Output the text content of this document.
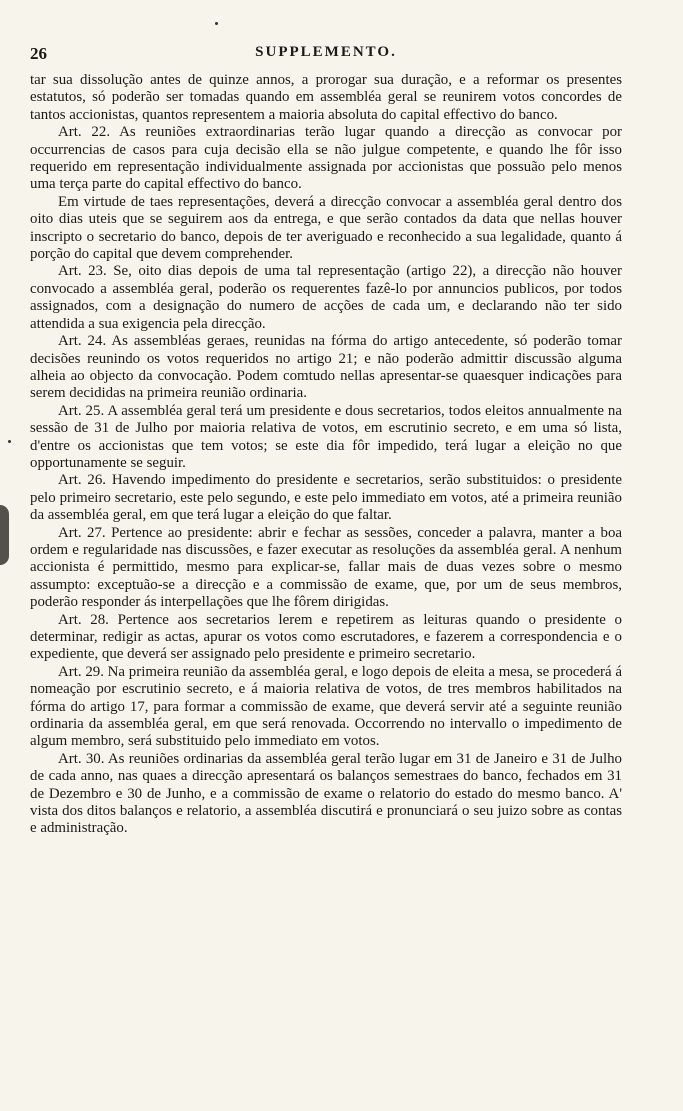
26	SUPPLEMENTO.

tar sua dissolução antes de quinze annos, a prorogar sua duração, e a reformar os presentes estatutos, só poderão ser tomadas quando em assembléa geral se reunirem votos concordes de tantos accionistas, quantos representem a maioria absoluta do capital effectivo do banco.

Art. 22. As reuniões extraordinarias terão lugar quando a direcção as convocar por occurrencias de casos para cuja decisão ella se não julgue competente, e quando lhe fôr isso requerido em representação individualmente assignada por accionistas que possuão pelo menos uma terça parte do capital effectivo do banco.

Em virtude de taes representações, deverá a direcção convocar a assembléa geral dentro dos oito dias uteis que se seguirem aos da entrega, e que serão contados da data que nellas houver inscripto o secretario do banco, depois de ter averiguado e reconhecido a sua legalidade, quanto á porção do capital que devem comprehender.

Art. 23. Se, oito dias depois de uma tal representação (artigo 22), a direcção não houver convocado a assembléa geral, poderão os requerentes fazê-lo por annuncios publicos, por todos assignados, com a designação do numero de acções de cada um, e declarando não ter sido attendida a sua exigencia pela direcção.

Art. 24. As assembléas geraes, reunidas na fórma do artigo antecedente, só poderão tomar decisões reunindo os votos requeridos no artigo 21; e não poderão admittir discussão alguma alheia ao objecto da convocação. Podem comtudo nellas apresentar-se quaesquer indicações para serem decididas na primeira reunião ordinaria.

Art. 25. A assembléa geral terá um presidente e dous secretarios, todos eleitos annualmente na sessão de 31 de Julho por maioria relativa de votos, em escrutinio secreto, e em uma só lista, d'entre os accionistas que tem votos; se este dia fôr impedido, terá lugar a eleição no que opportunamente se seguir.

Art. 26. Havendo impedimento do presidente e secretarios, serão substituidos: o presidente pelo primeiro secretario, este pelo segundo, e este pelo immediato em votos, até a primeira reunião da assembléa geral, em que terá lugar a eleição do que faltar.

Art. 27. Pertence ao presidente: abrir e fechar as sessões, conceder a palavra, manter a boa ordem e regularidade nas discussões, e fazer executar as resoluções da assembléa geral. A nenhum accionista é permittido, mesmo para explicar-se, fallar mais de duas vezes sobre o mesmo assumpto: exceptuão-se a direcção e a commissão de exame, que, por um de seus membros, poderão responder ás interpellações que lhe fôrem dirigidas.

Art. 28. Pertence aos secretarios lerem e repetirem as leituras quando o presidente o determinar, redigir as actas, apurar os votos como escrutadores, e fazerem a correspondencia e o expediente, que deverá ser assignado pelo presidente e primeiro secretario.

Art. 29. Na primeira reunião da assembléa geral, e logo depois de eleita a mesa, se procederá á nomeação por escrutinio secreto, e á maioria relativa de votos, de tres membros habilitados na fórma do artigo 17, para formar a commissão de exame, que deverá servir até a seguinte reunião ordinaria da assembléa geral, em que será renovada. Occorrendo no intervallo o impedimento de algum membro, será substituido pelo immediato em votos.

Art. 30. As reuniões ordinarias da assembléa geral terão lugar em 31 de Janeiro e 31 de Julho de cada anno, nas quaes a direcção apresentará os balanços semestraes do banco, fechados em 31 de Dezembro e 30 de Junho, e a commissão de exame o relatorio do estado do mesmo banco. A' vista dos ditos balanços e relatorio, a assembléa discutirá e pronunciará o seu juizo sobre as contas e administração.
